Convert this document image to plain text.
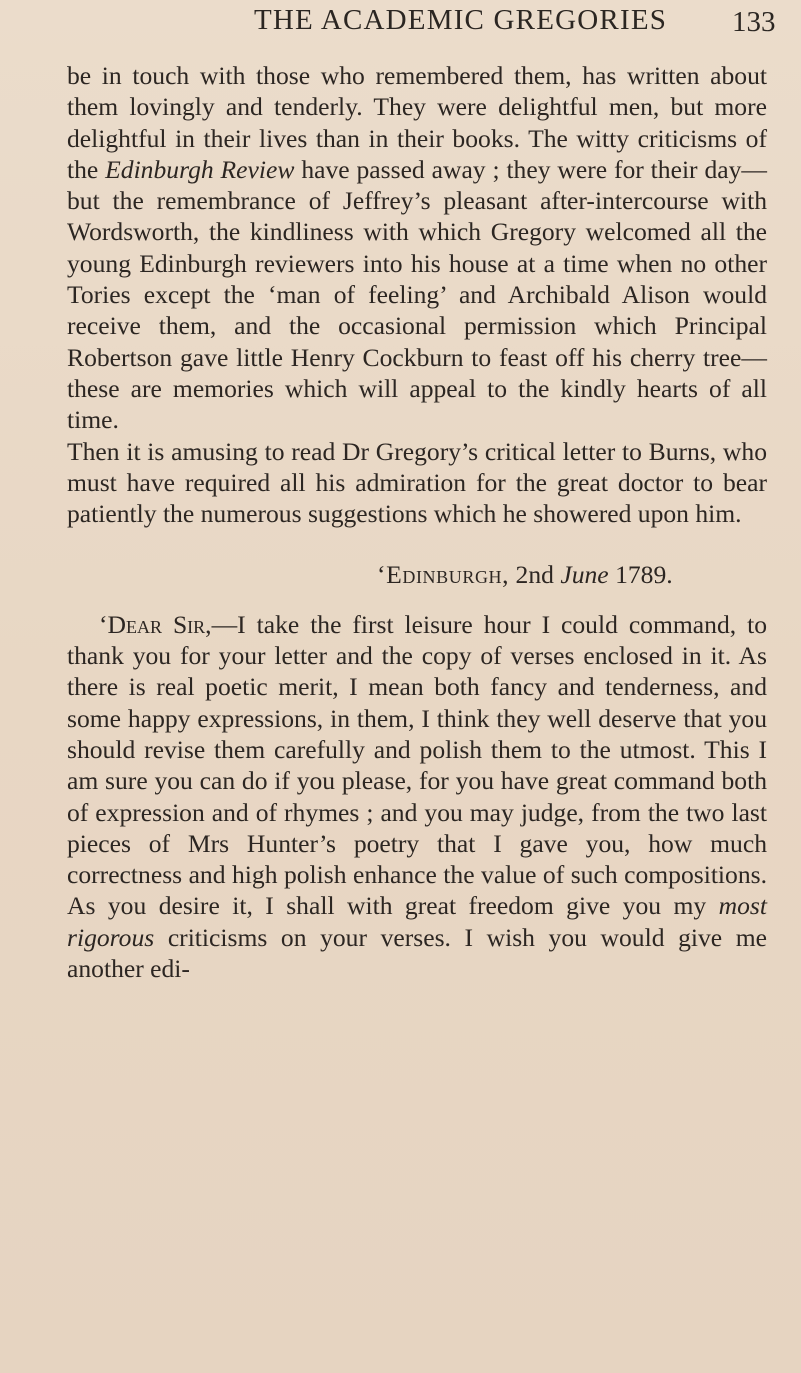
THE ACADEMIC GREGORIES 133

be in touch with those who remembered them, has written about them lovingly and tenderly. They were delightful men, but more delightful in their lives than in their books. The witty criticisms of the Edinburgh Review have passed away ; they were for their day—but the remembrance of Jeffrey’s pleasant after-intercourse with Wordsworth, the kindliness with which Gregory welcomed all the young Edinburgh reviewers into his house at a time when no other Tories except the ‘man of feeling’ and Archibald Alison would receive them, and the occasional permission which Principal Robertson gave little Henry Cockburn to feast off his cherry tree—these are memories which will appeal to the kindly hearts of all time.

Then it is amusing to read Dr Gregory’s critical letter to Burns, who must have required all his admiration for the great doctor to bear patiently the numerous suggestions which he showered upon him.

‘Edinburgh, 2nd June 1789.

‘Dear Sir,—I take the first leisure hour I could command, to thank you for your letter and the copy of verses enclosed in it. As there is real poetic merit, I mean both fancy and tenderness, and some happy expressions, in them, I think they well deserve that you should revise them carefully and polish them to the utmost. This I am sure you can do if you please, for you have great command both of expression and of rhymes ; and you may judge, from the two last pieces of Mrs Hunter’s poetry that I gave you, how much correctness and high polish enhance the value of such compositions. As you desire it, I shall with great freedom give you my most rigorous criticisms on your verses. I wish you would give me another edi-
